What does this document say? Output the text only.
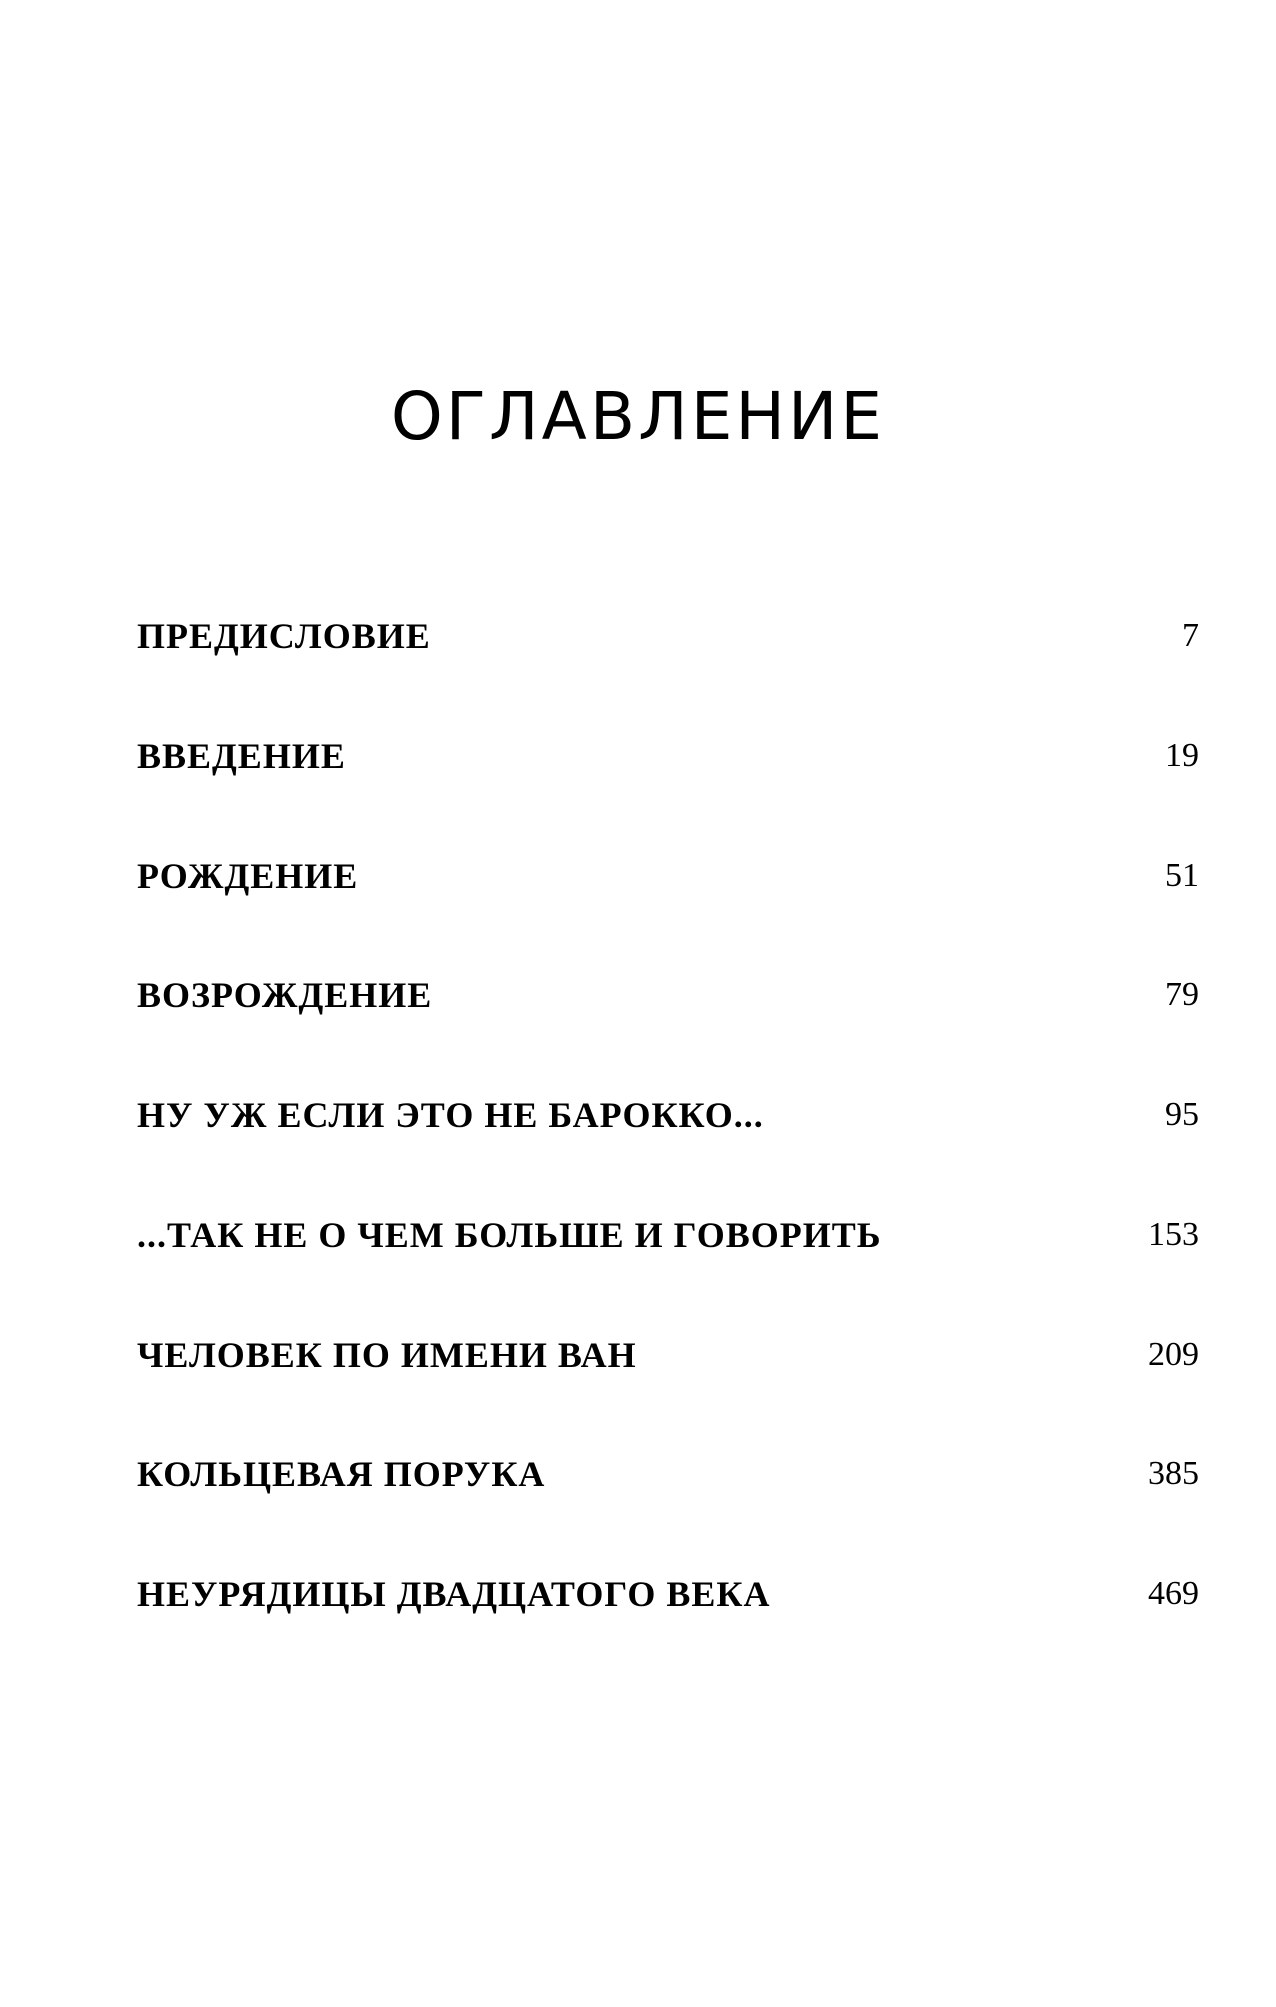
ОГЛАВЛЕНИЕ
ПРЕДИСЛОВИЕ	7
ВВЕДЕНИЕ	19
РОЖДЕНИЕ	51
ВОЗРОЖДЕНИЕ	79
НУ УЖ ЕСЛИ ЭТО НЕ БАРОККО...	95
...ТАК НЕ О ЧЕМ БОЛЬШЕ И ГОВОРИТЬ	153
ЧЕЛОВЕК ПО ИМЕНИ ВАН	209
КОЛЬЦЕВАЯ ПОРУКА	385
НЕУРЯДИЦЫ ДВАДЦАТОГО ВЕКА	469
